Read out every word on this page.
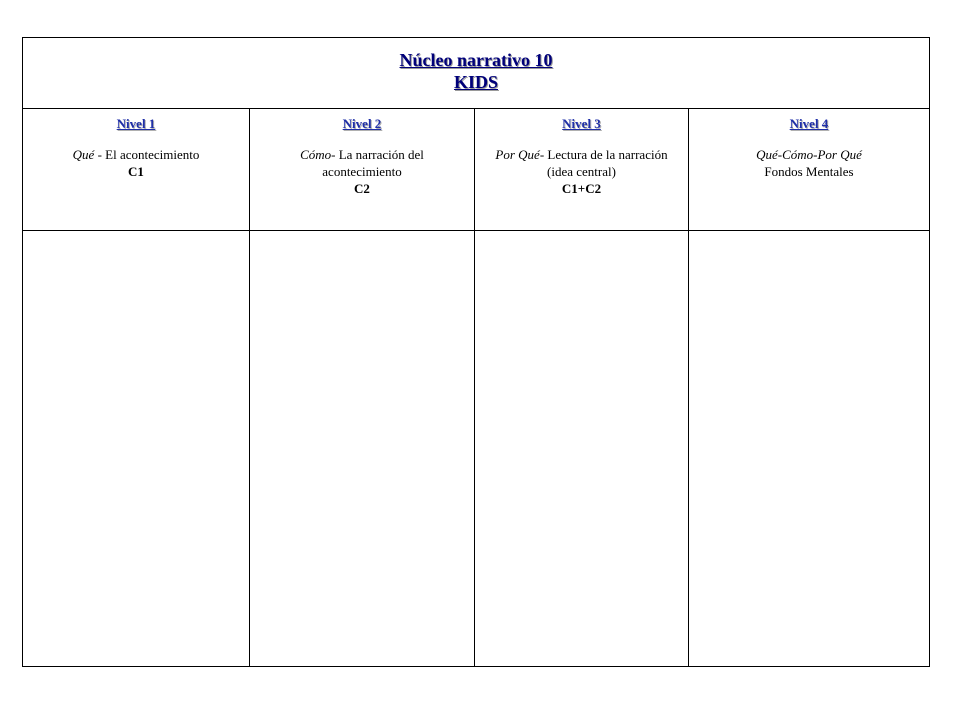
Núcleo narrativo 10
KIDS
Nivel 1
Qué - El acontecimiento
C1
Nivel 2
Cómo- La narración del acontecimiento
C2
Nivel 3
Por Qué- Lectura de la narración (idea central)
C1+C2
Nivel 4
Qué-Cómo-Por Qué
Fondos Mentales
